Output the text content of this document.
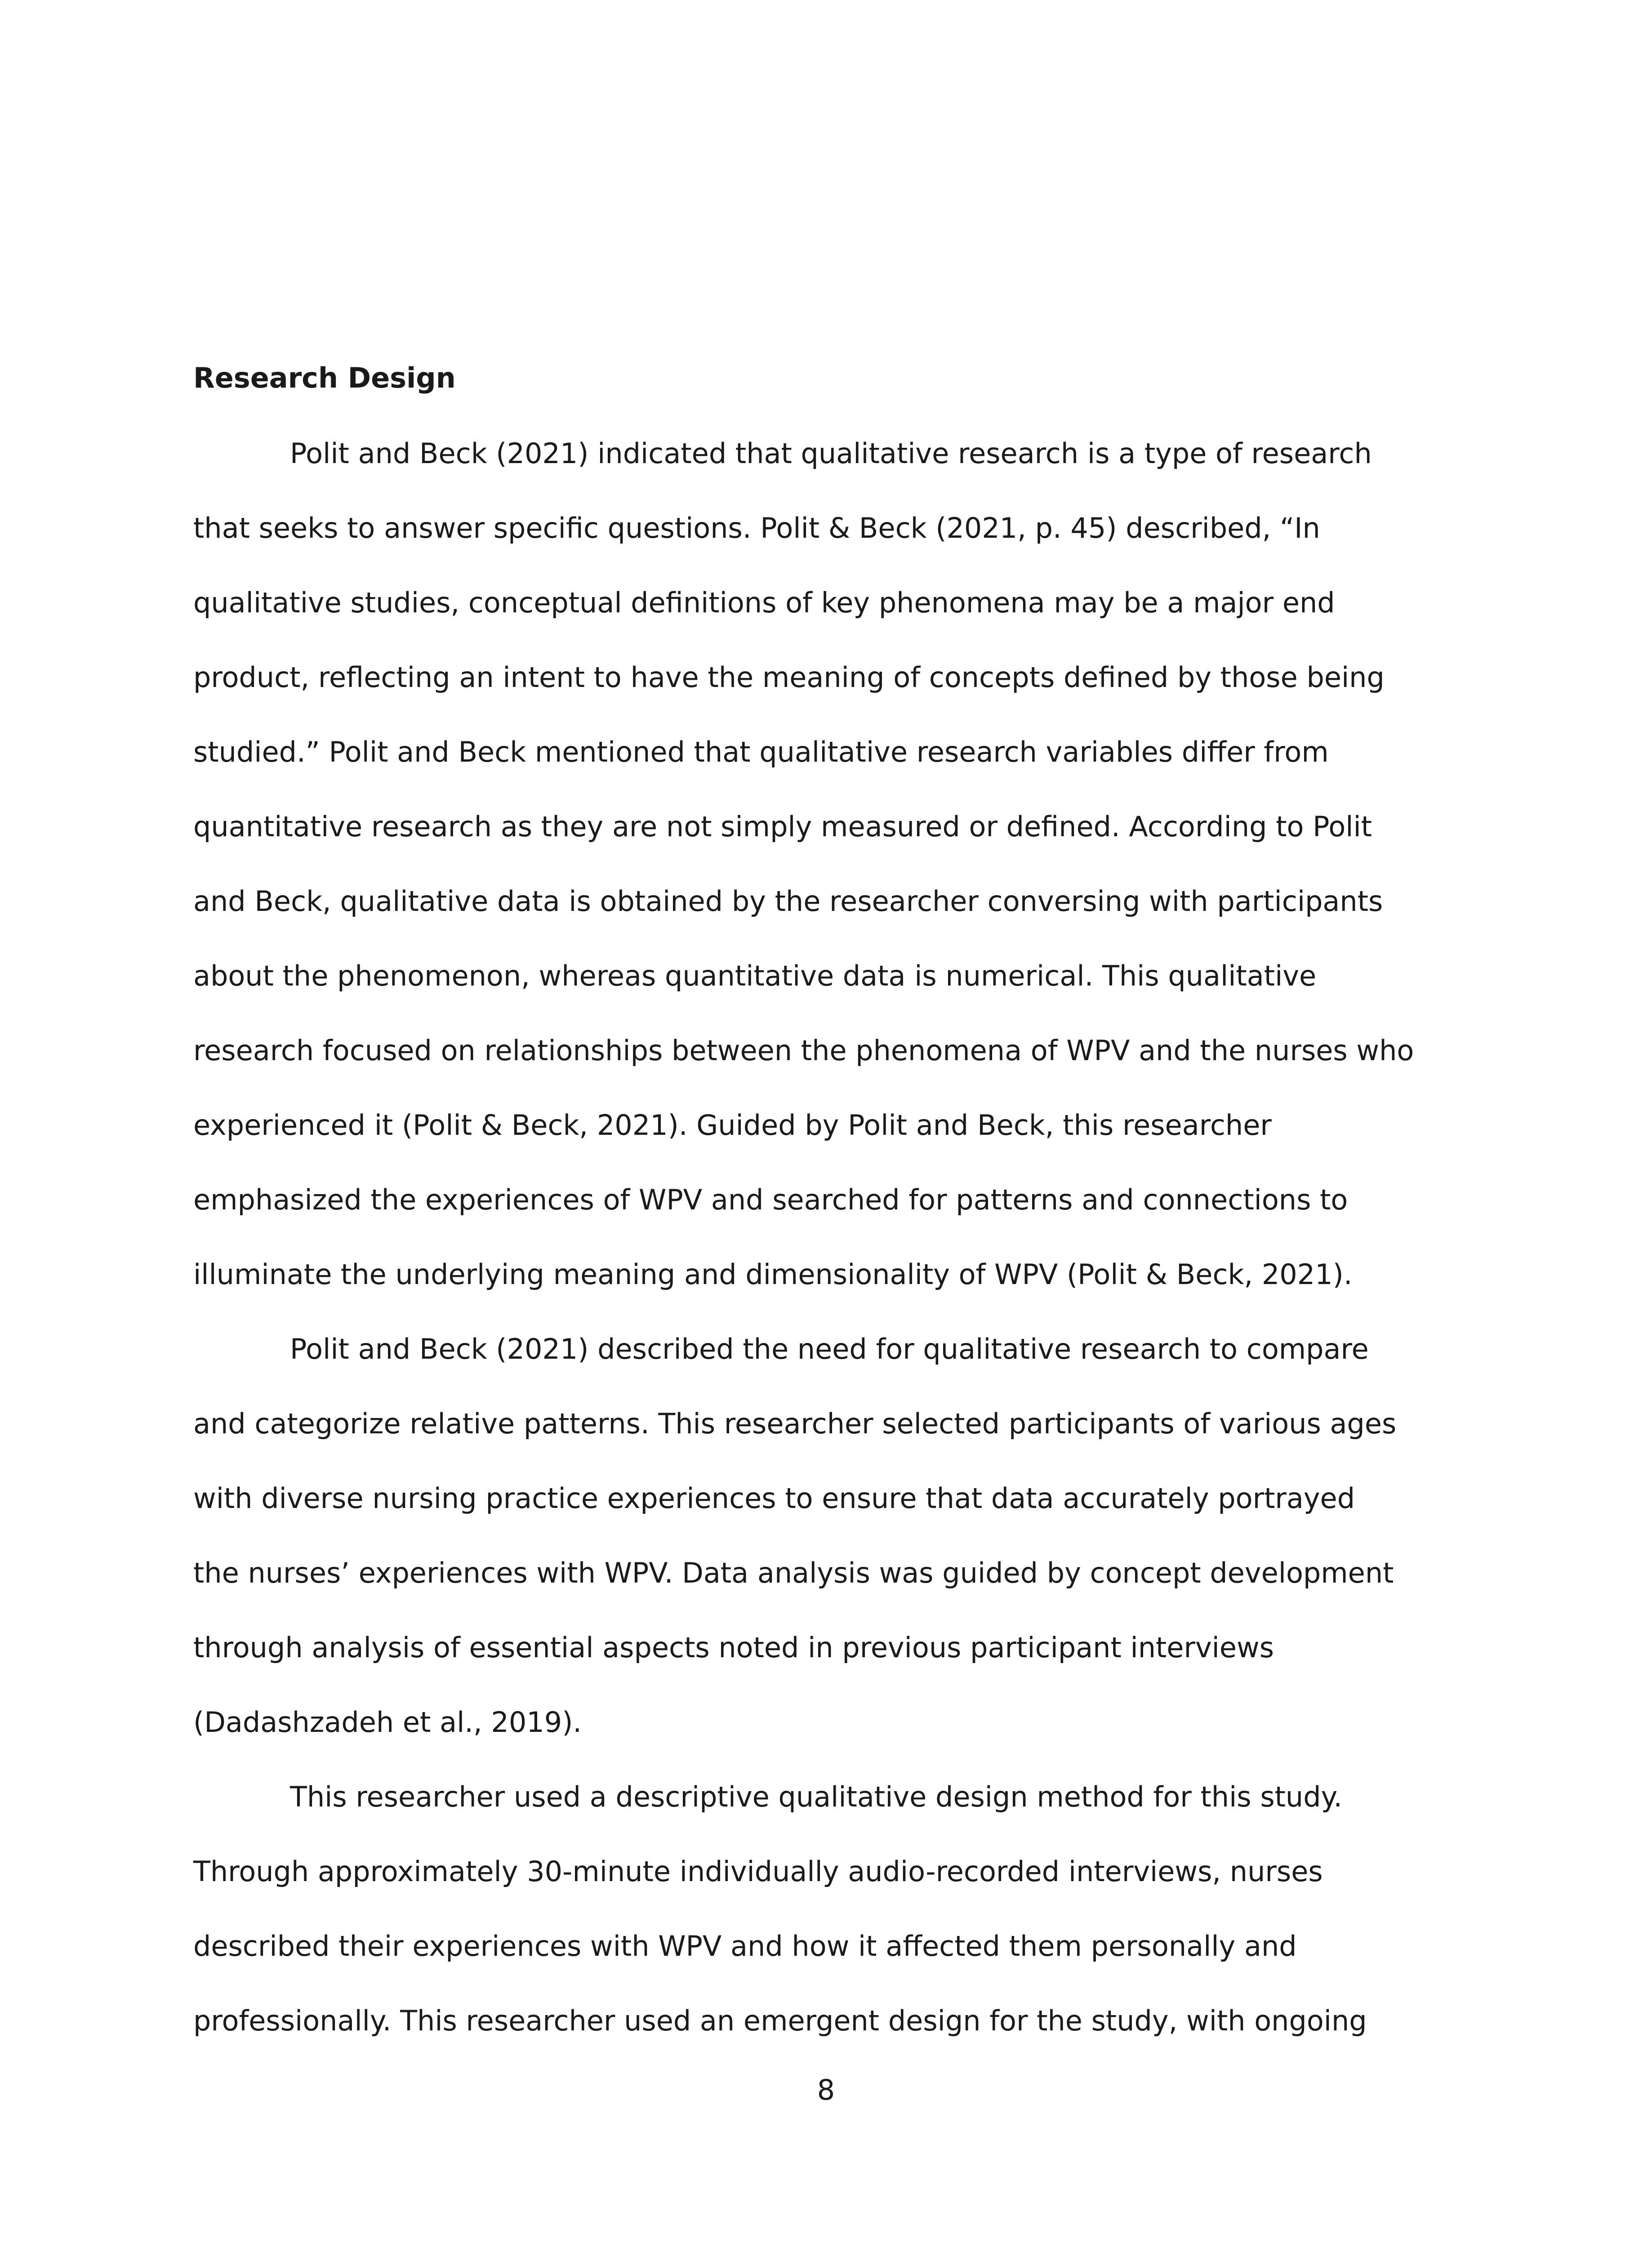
Research Design
Polit and Beck (2021) indicated that qualitative research is a type of research
that seeks to answer specific questions. Polit & Beck (2021, p. 45) described, “In
qualitative studies, conceptual definitions of key phenomena may be a major end
product, reflecting an intent to have the meaning of concepts defined by those being
studied.” Polit and Beck mentioned that qualitative research variables differ from
quantitative research as they are not simply measured or defined. According to Polit
and Beck, qualitative data is obtained by the researcher conversing with participants
about the phenomenon, whereas quantitative data is numerical. This qualitative
research focused on relationships between the phenomena of WPV and the nurses who
experienced it (Polit & Beck, 2021). Guided by Polit and Beck, this researcher
emphasized the experiences of WPV and searched for patterns and connections to
illuminate the underlying meaning and dimensionality of WPV (Polit & Beck, 2021).
Polit and Beck (2021) described the need for qualitative research to compare
and categorize relative patterns. This researcher selected participants of various ages
with diverse nursing practice experiences to ensure that data accurately portrayed
the nurses’ experiences with WPV. Data analysis was guided by concept development
through analysis of essential aspects noted in previous participant interviews
(Dadashzadeh et al., 2019).
This researcher used a descriptive qualitative design method for this study.
Through approximately 30-minute individually audio-recorded interviews, nurses
described their experiences with WPV and how it affected them personally and
professionally. This researcher used an emergent design for the study, with ongoing
8
